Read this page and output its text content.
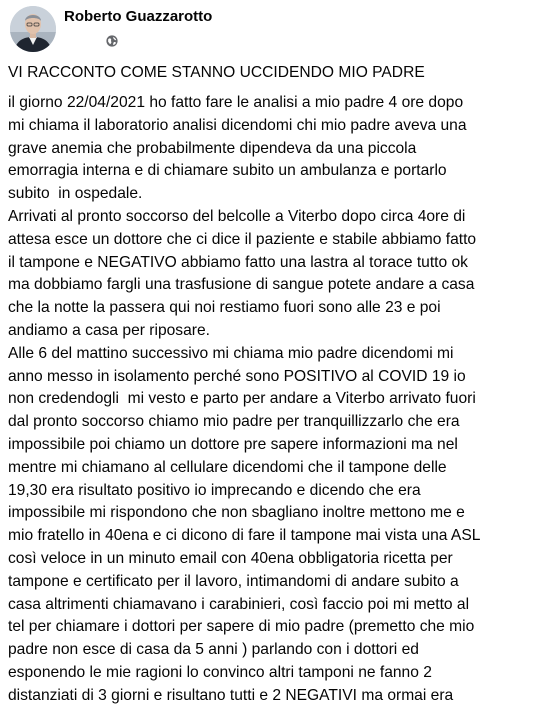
Roberto Guazzarotto
VI RACCONTO COME STANNO UCCIDENDO MIO PADRE
il giorno 22/04/2021 ho fatto fare le analisi a mio padre 4 ore dopo
mi chiama il laboratorio analisi dicendomi chi mio padre aveva una
grave anemia che probabilmente dipendeva da una piccola
emorragia interna e di chiamare subito un ambulanza e portarlo
subito  in ospedale.
Arrivati al pronto soccorso del belcolle a Viterbo dopo circa 4ore di
attesa esce un dottore che ci dice il paziente e stabile abbiamo fatto
il tampone e NEGATIVO abbiamo fatto una lastra al torace tutto ok
ma dobbiamo fargli una trasfusione di sangue potete andare a casa
che la notte la passera qui noi restiamo fuori sono alle 23 e poi
andiamo a casa per riposare.
Alle 6 del mattino successivo mi chiama mio padre dicendomi mi
anno messo in isolamento perché sono POSITIVO al COVID 19 io
non credendogli  mi vesto e parto per andare a Viterbo arrivato fuori
dal pronto soccorso chiamo mio padre per tranquillizzarlo che era
impossibile poi chiamo un dottore pre sapere informazioni ma nel
mentre mi chiamano al cellulare dicendomi che il tampone delle
19,30 era risultato positivo io imprecando e dicendo che era
impossibile mi rispondono che non sbagliano inoltre mettono me e
mio fratello in 40ena e ci dicono di fare il tampone mai vista una ASL
così veloce in un minuto email con 40ena obbligatoria ricetta per
tampone e certificato per il lavoro, intimandomi di andare subito a
casa altrimenti chiamavano i carabinieri, così faccio poi mi metto al
tel per chiamare i dottori per sapere di mio padre (premetto che mio
padre non esce di casa da 5 anni ) parlando con i dottori ed
esponendo le mie ragioni lo convinco altri tamponi ne fanno 2
distanziati di 3 giorni e risultano tutti e 2 NEGATIVI ma ormai era
